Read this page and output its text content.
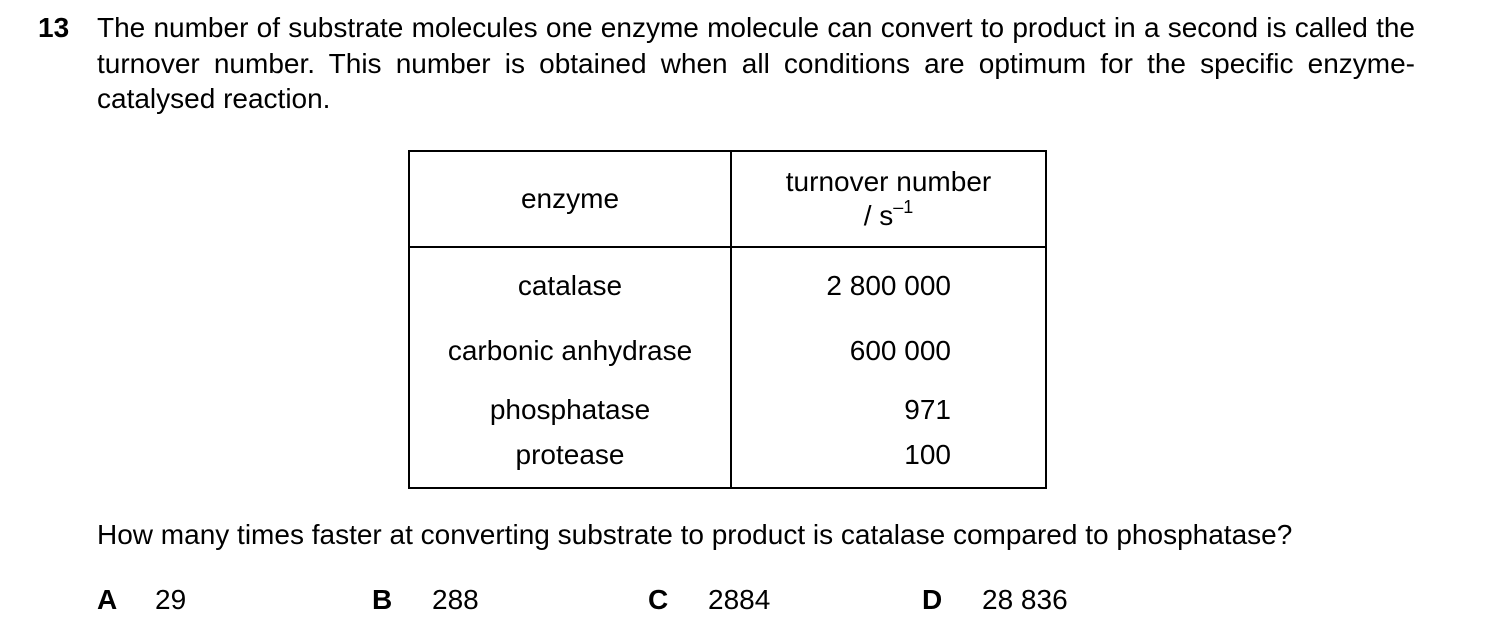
13 The number of substrate molecules one enzyme molecule can convert to product in a second is called the turnover number. This number is obtained when all conditions are optimum for the specific enzyme-catalysed reaction.

enzyme	turnover number
/ $s^{-1}$
catalase	2 800 000
carbonic anhydrase	600 000
phosphatase	971
protease	100

How many times faster at converting substrate to product is catalase compared to phosphatase?

A 29	B 288	C 2884	D 28 836
